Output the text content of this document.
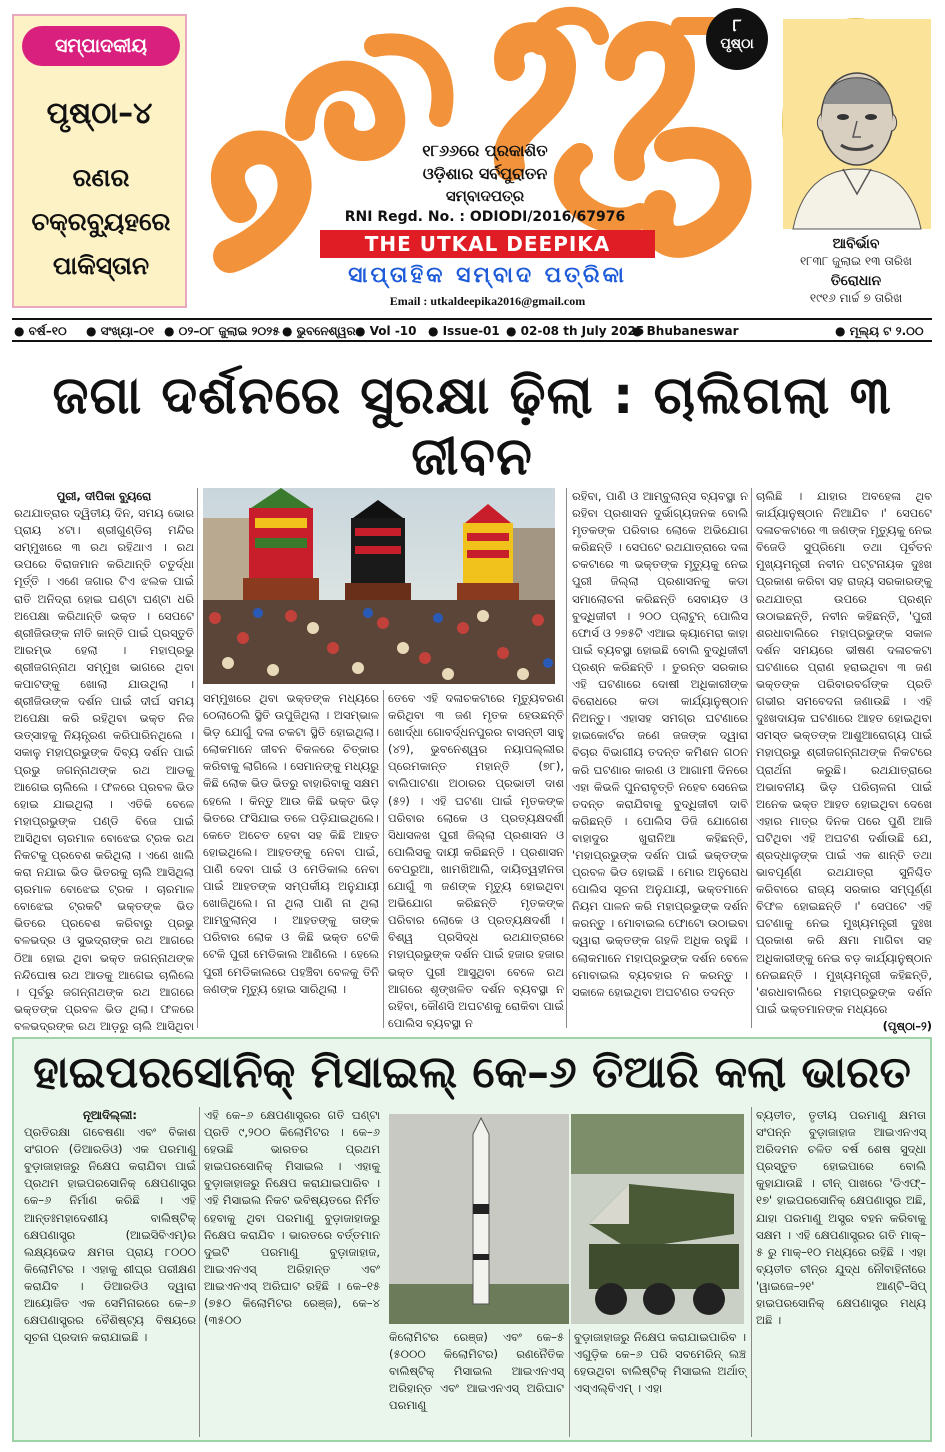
ସମ୍ପାଦକୀୟ
ପୃଷ୍ଠା–୪
ରଣର
ଚକ୍ରବ୍ୟୁହରେ
ପାକିସ୍ତାନ
୧୮୬୬ରେ ପ୍ରକାଶିତ
ଓଡ଼ିଶାର ସର୍ବପୁରାତନ
ସମ୍ବାଦପତ୍ର
RNI Regd. No. : ODIODI/2016/67976
THE UTKAL DEEPIKA
ସାପ୍ତାହିକ ସମ୍ବାଦ ପତ୍ରିକା
Email : utkaldeepika2016@gmail.com
୮
ପୃଷ୍ଠା
ଆବିର୍ଭାବ
୧୮୩୮ ଜୁଲାଇ ୧୩ ତାରିଖ
ତିରୋଧାନ
୧୯୧୬ ମାର୍ଚ୍ଚ ୭ ତାରିଖ
● ବର୍ଷ–୧୦ ● ସଂଖ୍ୟା–୦୧ ● ୦୨–୦୮ ଜୁଲାଇ ୨୦୨୫ ● ଭୁବନେଶ୍ୱର ● Vol -10 ● Issue-01 ● 02-08 th July 2025
● Bhubaneswar	● ମୂଲ୍ୟ ଟ ୨.୦୦
ଜଗା ଦର୍ଶନରେ ସୁରକ୍ଷା ଢ଼ିଲା : ଚାଲିଗଲା ୩ ଜୀବନ

ପୁରୀ, ଦୀପିକା ବ୍ୟୁରୋ

ରଥଯାତ୍ରାର ଦ୍ୱିତୀୟ ଦିନ, ସମୟ ଭୋର ପ୍ରାୟ ୪ଟା। ଶ୍ରୀଗୁଣ୍ଡିଚା ମନ୍ଦିର ସମ୍ମୁଖରେ ୩ ରଥ ରହିଥାଏ । ରଥ ଉପରେ ବିରାଜମାନ କରିଥାନ୍ତି ଚତୁର୍ଦ୍ଧା ମୂର୍ତ୍ତି । ଏଣେ ଜଗାର ଟିଏ ଝଲକ ପାଇଁ ରାତି ଅନିଦ୍ରା ହୋଇ ଘଣ୍ଟା ଘଣ୍ଟା ଧରି ଅପେକ୍ଷା କରିଥାନ୍ତି ଭକ୍ତ । ସେପଟେ ଶ୍ରୀଜିଉଙ୍କ ନୀତି କାନ୍ତି ପାଇଁ ପ୍ରସ୍ତୁତି ଆରମ୍ଭ ହେଲା । ମହାପ୍ରଭୁ ଶ୍ରୀଜଗନ୍ନାଥ ସମ୍ମୁଖ ଭାଗରେ ଥିବା କପାଟଙ୍କୁ ଖୋଲା ଯାଉଥିଲା । ଶ୍ରୀଜିଉଙ୍କ ଦର୍ଶନ ପାଇଁ ଦୀର୍ଘ ସମୟ ଅପେକ୍ଷା କରି ରହିଥିବା ଭକ୍ତ ନିଜ ଉତ୍ସାହକୁ ନିୟନ୍ତ୍ରଣ କରିପାରିନଥିଲେ । ସକାଳୁ ମହାପ୍ରଭୁଙ୍କ ଦିବ୍ୟ ଦର୍ଶନ ପାଇଁ ପ୍ରଭୁ ଜଗନ୍ନାଥଙ୍କ ରଥ ଆଡକୁ ଆଗେଇ ଚାଲିଲେ । ଫଳରେ ପ୍ରବଳ ଭିଡ ହୋଇ ଯାଇଥିଲା । ଏତିକି ବେଳେ ମହାପ୍ରଭୁଙ୍କ ପଣ୍ଡି ବିଜେ ପାଇଁ ଆସିଥିବା ଚାରମାଳ ବୋଝେଇ ଟ୍ରକ ରଥ ନିକଟକୁ ପ୍ରବେଶ କରିଥିଲା । ଏଣେ ଖାଲି କରା ନଯାଇ ଭିଡ ଭିତରକୁ ଚାଲି ଆସିଥିଲା ଚାରମାଳ ବୋଝେଇ ଟ୍ରକ । ଚାରମାଳ ବୋଝେଇ ଟ୍ରକଟି ଭକ୍ତଙ୍କ ଭିଡ ଭିତରେ ପ୍ରବେଶ କରିବାରୁ ପ୍ରଭୁ ବଳଭଦ୍ର ଓ ସୁଭଦ୍ରାଙ୍କ ରଥ ଆଗରେ ଠିଆ ହୋଇ ଥିବା ଭକ୍ତ ଜଗନ୍ନାଥଙ୍କ ନନ୍ଦିଘୋଷ ରଥ ଆଡକୁ ଆଗେଇ ଚାଲିଲେ । ପୂର୍ବରୁ ଜଗନ୍ନାଥଙ୍କ ରଥ ଆଗରେ ଭକ୍ତଙ୍କ ପ୍ରବଳ ଭିଡ ଥିଲା। ଫଳରେ ବଳଭଦ୍ରଙ୍କ ରଥ ଆଡ଼ରୁ ଚାଲି ଆସିଥିବା

ସମ୍ମୁଖରେ ଥିବା ଭକ୍ତଙ୍କ ମଧ୍ୟରେ ଠେଲାଠେଲି ସ୍ଥିତି ଉପୁଜିଥିଲା । ଅସମ୍ଭାଳ ଭିଡ଼ ଯୋଗୁଁ ଦଳା ଚକଟା ସ୍ଥିତି ହୋଇଥିଲା। ଲୋକମାନେ ଜୀବନ ବିକଳରେ ଚିତ୍କାର କରିବାକୁ ଲାଗିଲେ । ସେମାନଙ୍କୁ ମଧ୍ୟରୁ କିଛି ଲୋକ ଭିଡ ଭିତରୁ ବାହାରିବାକୁ ସକ୍ଷମ ହେଲେ । କିନ୍ତୁ ଆଉ କିଛି ଭକ୍ତ ଭିଡ଼ ଭିତରେ ଫସିଯାଇ ତଳେ ପଡ଼ିଯାଇଥିଲେ। କେତେ ଅଚେତ ହେବା ସହ କିଛି ଆହତ ହୋଇଥିଲେ। ଆହତଙ୍କୁ ନେବା ପାଇଁ, ପାଣି ଦେବା ପାଇଁ ଓ ମେଡିକାଲ ନେବା ପାଇଁ ଆହତଙ୍କ ସମ୍ପର୍କୀୟ ଅନୁଯାୟୀ ଖୋଜିଥିଲେ। ନା ଥିଲା ପାଣି ନା ଥିଲା ଆମ୍ବୁଲାନ୍ସ । ଆହତଙ୍କୁ ତାଙ୍କ ପରିବାର ଲୋକ ଓ କିଛି ଭକ୍ତ ଟେକି ଟେକି ପୁରୀ ମେଡିକାଲ ଆଣିଲେ । ହେଲେ ପୁରୀ ମେଡିକାଲରେ ପହଞ୍ଚିବା ବେଳକୁ ତିନି ଜଣଙ୍କ ମୃତ୍ୟୁ ହୋଇ ସାରିଥିଲା ।

ତେବେ ଏହି ଦଳାଚକଟାରେ ମୃତ୍ୟୁବରଣ କରିଥିବା ୩ ଜଣ ମୃତକ ହେଉଛନ୍ତି ଖୋର୍ଦ୍ଧା ଗୋବର୍ଦ୍ଧନପୁରର ବାସନ୍ତୀ ସାହୁ (୪୨), ଭୁବନେଶ୍ୱର ନୟାପଲ୍ଲୀର ପ୍ରେମକାନ୍ତ ମହାନ୍ତି (୭୮), ବାଲିପାଟଣା ଅଠାରର ପ୍ରଭାତୀ ଦାଶ (୫୨) । ଏହି ଘଟଣା ପାଇଁ ମୃତକଙ୍କ ପରିବାର ଲୋକେ ଓ ପ୍ରତ୍ୟକ୍ଷଦର୍ଶୀ ସିଧାସଳଖ ପୁରୀ ଜିଲ୍ଲା ପ୍ରଶାସନ ଓ ପୋଲିସକୁ ଦାୟୀ କରିଛନ୍ତି । ପ୍ରଶାସନ ବେପରୁଆ, ଖାମଖିଆଲି, ଦାୟିତ୍ୱହୀନତା ଯୋଗୁଁ ୩ ଜଣଙ୍କ ମୃତ୍ୟୁ ହୋଇଥିବା ଅଭିଯୋଗ କରିଛନ୍ତି ମୃତକଙ୍କ ପରିବାର ଲୋକେ ଓ ପ୍ରତ୍ୟକ୍ଷଦର୍ଶୀ । ବିଶ୍ୱ ପ୍ରସିଦ୍ଧ ରଥଯାତ୍ରାରେ ମହାପ୍ରଭୁଙ୍କ ଦର୍ଶନ ପାଇଁ ହଜାର ହଜାର ଭକ୍ତ ପୁରୀ ଆସୁଥିବା ବେଳେ ରଥ ଆଗରେ ଶୃଙ୍ଖଳିତ ଦର୍ଶନ ବ୍ୟବସ୍ଥା ନ ରହିବା, କୌଣସି ଅଘଟଣକୁ ରୋକିବା ପାଇଁ ପୋଲିସ ବ୍ୟବସ୍ଥା ନ

ରହିବା, ପାଣି ଓ ଆମ୍ବୁଲାନ୍ସ ବ୍ୟବସ୍ଥା ନ ରହିବା ପ୍ରଶାସନ ଦୁର୍ଭାଗ୍ୟଜନକ ବୋଲି ମୃତକଙ୍କ ପରିବାର ଲୋକେ ଅଭିଯୋଗ କରିଛନ୍ତି । ସେପଟେ ରଥଯାତ୍ରାରେ ଦଳା ଚକଟାରେ ୩ ଭକ୍ତଙ୍କ ମୃତ୍ୟୁକୁ ନେଇ ପୁରୀ ଜିଲ୍ଲା ପ୍ରଶାସନକୁ କଡା ସମାଲୋଚନା କରିଛନ୍ତି ସେବାୟତ ଓ ବୁଦ୍ଧିଜୀବୀ । ୨୦୦ ପ୍ଲାଟୁନ୍ ପୋଲିସ ଫୋର୍ସ ଓ ୨୭୫ଟି ଏଆଇ କ୍ୟାମେରା କାହା ପାଇଁ ବ୍ୟବସ୍ଥା ହୋଇଛି ବୋଲି ବୁଦ୍ଧିଜୀବୀ ପ୍ରଶ୍ନ କରିଛନ୍ତି । ତୁରନ୍ତ ସରକାର ଏହି ଘଟଣାରେ ଦୋଷୀ ଅଧିକାରୀଙ୍କ ବିରୋଧରେ କଡା କାର୍ଯ୍ୟାନୁଷ୍ଠାନ ନିଅନ୍ତୁ। ଏହାସହ ସମଗ୍ର ଘଟଣାରେ ହାଇକୋର୍ଟର ଜଣେ ଜଜଙ୍କ ଦ୍ୱାରା ବିଚାର ବିଭାଗୀୟ ତଦନ୍ତ କମିଶନ ଗଠନ କରି ଘଟଣାର କାରଣ ଓ ଆଗାମୀ ଦିନରେ ଏହା କିଭଳି ପୁନରାବୃତ୍ତି ନହେବ ସେନେଇ ତଦନ୍ତ କରାଯିବାକୁ ବୁଦ୍ଧିଜୀବୀ ଦାବି କରିଛନ୍ତି । ପୋଲିସ ଡିଜି ଯୋଗେଶ ବାହାଦୁର ଖୁରାନିଆ କହିଛନ୍ତି, 'ମହାପ୍ରଭୁଙ୍କ ଦର୍ଶନ ପାଇଁ ଭକ୍ତଙ୍କ ପ୍ରବଳ ଭିଡ ହୋଇଛି । ମୋର ଅନୁରୋଧ ପୋଲିସ ସୂଚନା ଅନୁଯାୟୀ, ଭକ୍ତମାନେ ନିୟମ ପାଳନ କରି ମହାପ୍ରଭୁଙ୍କ ଦର୍ଶନ କରନ୍ତୁ । ମୋବାଇଲ ଫୋଟୋ ଉଠାଇବା ଦ୍ୱାରା ଭକ୍ତଙ୍କ ଗହଳି ଅଧିକ ରହୁଛି । ଲୋକମାନେ ମହାପ୍ରଭୁଙ୍କ ଦର୍ଶନ ବେଳେ ମୋବାଇଲ ବ୍ୟବହାର ନ କରନ୍ତୁ । ସକାଳେ ହୋଇଥିବା ଅଘଟଣର ତଦନ୍ତ

ଚାଲିଛି । ଯାହାର ଅବହେଳା ଥିବ କାର୍ଯ୍ୟାନୁଷ୍ଠାନ ନିଆଯିବ ।' ସେପଟେ ଦଳାଚକଟାରେ ୩ ଜଣଙ୍କ ମୃତ୍ୟୁକୁ ନେଇ ବିଜେଡି ସୁପ୍ରିମୋ ତଥା ପୂର୍ବତନ ମୁଖ୍ୟମନ୍ତ୍ରୀ ନବୀନ ପଟ୍ଟନାୟକ ଦୁଃଖ ପ୍ରକାଶ କରିବା ସହ ରାଜ୍ୟ ସରକାରଙ୍କୁ ରଥଯାତ୍ରା ଉପରେ ପ୍ରଶ୍ନ ଉଠାଇଛନ୍ତି, ନବୀନ କହିଛନ୍ତି, 'ପୁରୀ ଶରଧାବାଲିରେ ମହାପ୍ରଭୁଙ୍କ ସକାଳ ଦର୍ଶନ ସମୟରେ ଭୀଷଣ ଦଳାଚକଟା ଘଟଣାରେ ପ୍ରାଣ ହରାଇଥିବା ୩ ଜଣ ଭକ୍ତଙ୍କ ପରିବାରବର୍ଗଙ୍କ ପ୍ରତି ଗଭୀର ସମବେଦନା ଜଣାଉଛି । ଏହି ଦୁଃଖଦାୟକ ଘଟଣାରେ ଆହତ ହୋଇଥିବା ସମସ୍ତ ଭକ୍ତଙ୍କ ଆଶୁଆରୋଗ୍ୟ ପାଇଁ ମହାପ୍ରଭୁ ଶ୍ରୀଜଗନ୍ନାଥଙ୍କ ନିକଟରେ ପ୍ରାର୍ଥନା କରୁଛି। ରଥଯାତ୍ରାରେ ଅଭାବନୀୟ ଭିଡ଼ ପରିଚାଳନା ପାଇଁ ଅନେକ ଭକ୍ତ ଆହତ ହୋଇଥିବା ଦେଖେ ଏହାର ମାତ୍ର ଦିନକ ପରେ ପୁଣି ଆଜି ଘଟିଥିବା ଏହି ଅଘଟଣ ଦର୍ଶାଉଛି ଯେ, ଶ୍ରଦ୍ଧାଳୁଙ୍କ ପାଇଁ ଏକ ଶାନ୍ତି ତଥା ଭାବପୂର୍ଣ୍ଣ ରଥଯାତ୍ରା ସୁନିଶ୍ଚିତ କରିବାରେ ରାଜ୍ୟ ସରକାର ସମ୍ପୂର୍ଣ୍ଣ ବିଫଳ ହୋଇଛନ୍ତି ।' ସେପଟେ ଏହି ଘଟଣାକୁ ନେଇ ମୁଖ୍ୟମନ୍ତ୍ରୀ ଦୁଃଖ ପ୍ରକାଶ କରି କ୍ଷମା ମାଗିବା ସହ ଅଧିକାରୀଙ୍କୁ ନେଇ ବଡ଼ କାର୍ଯ୍ୟାନୁଷ୍ଠାନ ନେଇଛନ୍ତି । ମୁଖ୍ୟମନ୍ତ୍ରୀ କହିଛନ୍ତି, 'ଶରଧାବାଲିରେ ମହାପ୍ରଭୁଙ୍କ ଦର୍ଶନ ପାଇଁ ଭକ୍ତମାନଙ୍କ ମଧ୍ୟରେ

(ପୃଷ୍ଠା–୨)

ହାଇପରସୋନିକ୍ ମିସାଇଲ୍ କେ–୬ ତିଆରି କଲା ଭାରତ

ନୂଆଦିଲ୍ଲୀ:

ପ୍ରତିରକ୍ଷା ଗବେଷଣା ଏବଂ ବିକାଶ ସଂଗଠନ (ଡିଆରଡିଓ) ଏକ ପରମାଣୁ ବୁଡ଼ାଜାହାଜରୁ ନିକ୍ଷେପ କରାଯିବା ପାଇଁ ପ୍ରଥମ ହାଇପରସୋନିକ୍ କ୍ଷେପଣାସ୍ତ୍ର କେ–୬ ନିର୍ମାଣ କରିଛି । ଏହି ଆନ୍ତଃମହାଦେଶୀୟ ବାଲିଷ୍ଟିକ୍ କ୍ଷେପଣାସ୍ତ୍ର (ଆଇସିବିଏମ୍)ର ଲକ୍ଷ୍ୟଭେଦ କ୍ଷମତା ପ୍ରାୟ ୮୦୦୦ କିଲୋମିଟର । ଏହାକୁ ଶୀଘ୍ର ପରୀକ୍ଷଣ କରାଯିବ । ଡିଆରଡିଓ ଦ୍ୱାରା ଆୟୋଜିତ ଏକ ସେମିନାରରେ କେ–୬ କ୍ଷେପଣାସ୍ତ୍ରର ବୈଶିଷ୍ଟ୍ୟ ବିଷୟରେ ସୂଚନା ପ୍ରଦାନ କରାଯାଇଛି ।

ଏହି କେ–୬ କ୍ଷେପଣାସ୍ତ୍ରର ଗତି ଘଣ୍ଟା ପ୍ରତି ୯,୨୦୦ କିଲୋମିଟର । କେ–୬ ହେଉଛି ଭାରତର ପ୍ରଥମ ହାଇପରସୋନିକ୍ ମିସାଇଲ । ଏହାକୁ ବୁଡ଼ାଜାହାଜରୁ ନିକ୍ଷେପ କରାଯାଇପାରିବ । ଏହି ମିସାଇଲ ନିକଟ ଭବିଷ୍ୟତରେ ନିର୍ମିତ ହେବାକୁ ଥିବା ପରମାଣୁ ବୁଡ଼ାଜାହାଜରୁ ନିକ୍ଷେପ କରାଯିବ । ଭାରତରେ ବର୍ତ୍ତମାନ ଦୁଇଟି ପରମାଣୁ ବୁଡ଼ାଜାହାଜ, ଆଇଏନଏସ୍ ଅରିହାନ୍ତ ଏବଂ ଆଇଏନଏସ୍ ଅରିଘାଟ ରହିଛି । କେ–୧୫ (୭୫୦ କିଲୋମିଟର ରେଞ୍ଜ), କେ–୪ (୩୫୦୦

କିଲୋମିଟର ରେଞ୍ଜ) ଏବଂ କେ–୫ (୫୦୦୦ କିଲୋମିଟର) ରଣନୈତିକ ବାଲିଷ୍ଟିକ୍ ମିସାଇଲ ଆଇଏନଏସ୍ ଅରିହାନ୍ତ ଏବଂ ଆଇଏନଏସ୍ ଅରିଘାଟ ପରମାଣୁ

ବୁଡ଼ାଜାହାଜରୁ ନିକ୍ଷେପ କରାଯାଇପାରିବ । ଏଗୁଡ଼ିକ କେ–୬ ପରି ସବମେରିନ୍ ଲଞ୍ଚ ହେଉଥିବା ବାଲିଷ୍ଟିକ୍ ମିସାଇଲ ଅର୍ଥାତ୍ ଏସ୍ଏଲ୍ବିଏମ୍ । ଏହା

ବ୍ୟତୀତ, ତୃତୀୟ ପରମାଣୁ କ୍ଷମତା ସଂପନ୍ନ ବୁଡ଼ାଜାହାଜ ଆଇଏନଏସ୍ ଅରିଦମନ ଚଳିତ ବର୍ଷ ଶେଷ ସୁଦ୍ଧା ପ୍ରସ୍ତୁତ ହୋଇପାରେ ବୋଲି କୁହାଯାଉଛି । ଚୀନ୍ ପାଖରେ 'ଡିଏଫ୍–୧୭' ହାଇପରସୋନିକ୍ କ୍ଷେପଣାସ୍ତ୍ର ଅଛି, ଯାହା ପରମାଣୁ ଅସ୍ତ୍ର ବହନ କରିବାକୁ ସକ୍ଷମ । ଏହି କ୍ଷେପଣାସ୍ତ୍ରର ଗତି ମାକ୍–୫ ରୁ ମାକ୍–୧୦ ମଧ୍ୟରେ ରହିଛି । ଏହା ବ୍ୟତୀତ ଚୀନ୍ର ଯୁଦ୍ଧ ନୌବାହିନୀରେ 'ୱାଇଜେ–୨୧' ଆଣ୍ଟି–ସିପ୍ ହାଇପରସୋନିକ୍ କ୍ଷେପଣାସ୍ତ୍ର ମଧ୍ୟ ଅଛି ।
